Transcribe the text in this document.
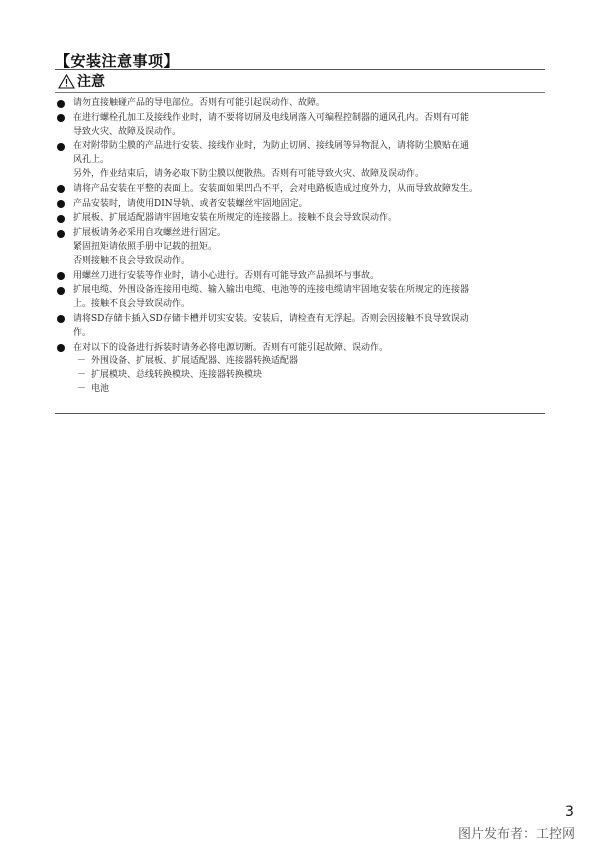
【安装注意事项】
注意
请勿直接触碰产品的导电部位。否则有可能引起误动作、故障。
在进行螺栓孔加工及接线作业时，请不要将切屑及电线屑落入可编程控制器的通风孔内。否则有可能
导致火灾、故障及误动作。
在对附带防尘膜的产品进行安装、接线作业时，为防止切屑、接线屑等异物混入，请将防尘膜贴在通
风孔上。
另外，作业结束后，请务必取下防尘膜以便散热。否则有可能导致火灾、故障及误动作。
请将产品安装在平整的表面上。安装面如果凹凸不平，会对电路板造成过度外力，从而导致故障发生。
产品安装时，请使用DIN导轨、或者安装螺丝牢固地固定。
扩展板、扩展适配器请牢固地安装在所规定的连接器上。接触不良会导致误动作。
扩展板请务必采用自攻螺丝进行固定。
紧固扭矩请依照手册中记载的扭矩。
否则接触不良会导致误动作。
用螺丝刀进行安装等作业时，请小心进行。否则有可能导致产品损坏与事故。
扩展电缆、外围设备连接用电缆、输入输出电缆、电池等的连接电缆请牢固地安装在所规定的连接器
上。接触不良会导致误动作。
请将SD存储卡插入SD存储卡槽并切实安装。安装后，请检查有无浮起。否则会因接触不良导致误动
作。
在对以下的设备进行拆装时请务必将电源切断。否则有可能引起故障、误动作。
－ 外围设备、扩展板、扩展适配器、连接器转换适配器
－ 扩展模块、总线转换模块、连接器转换模块
－ 电池
3
图片发布者：工控网
